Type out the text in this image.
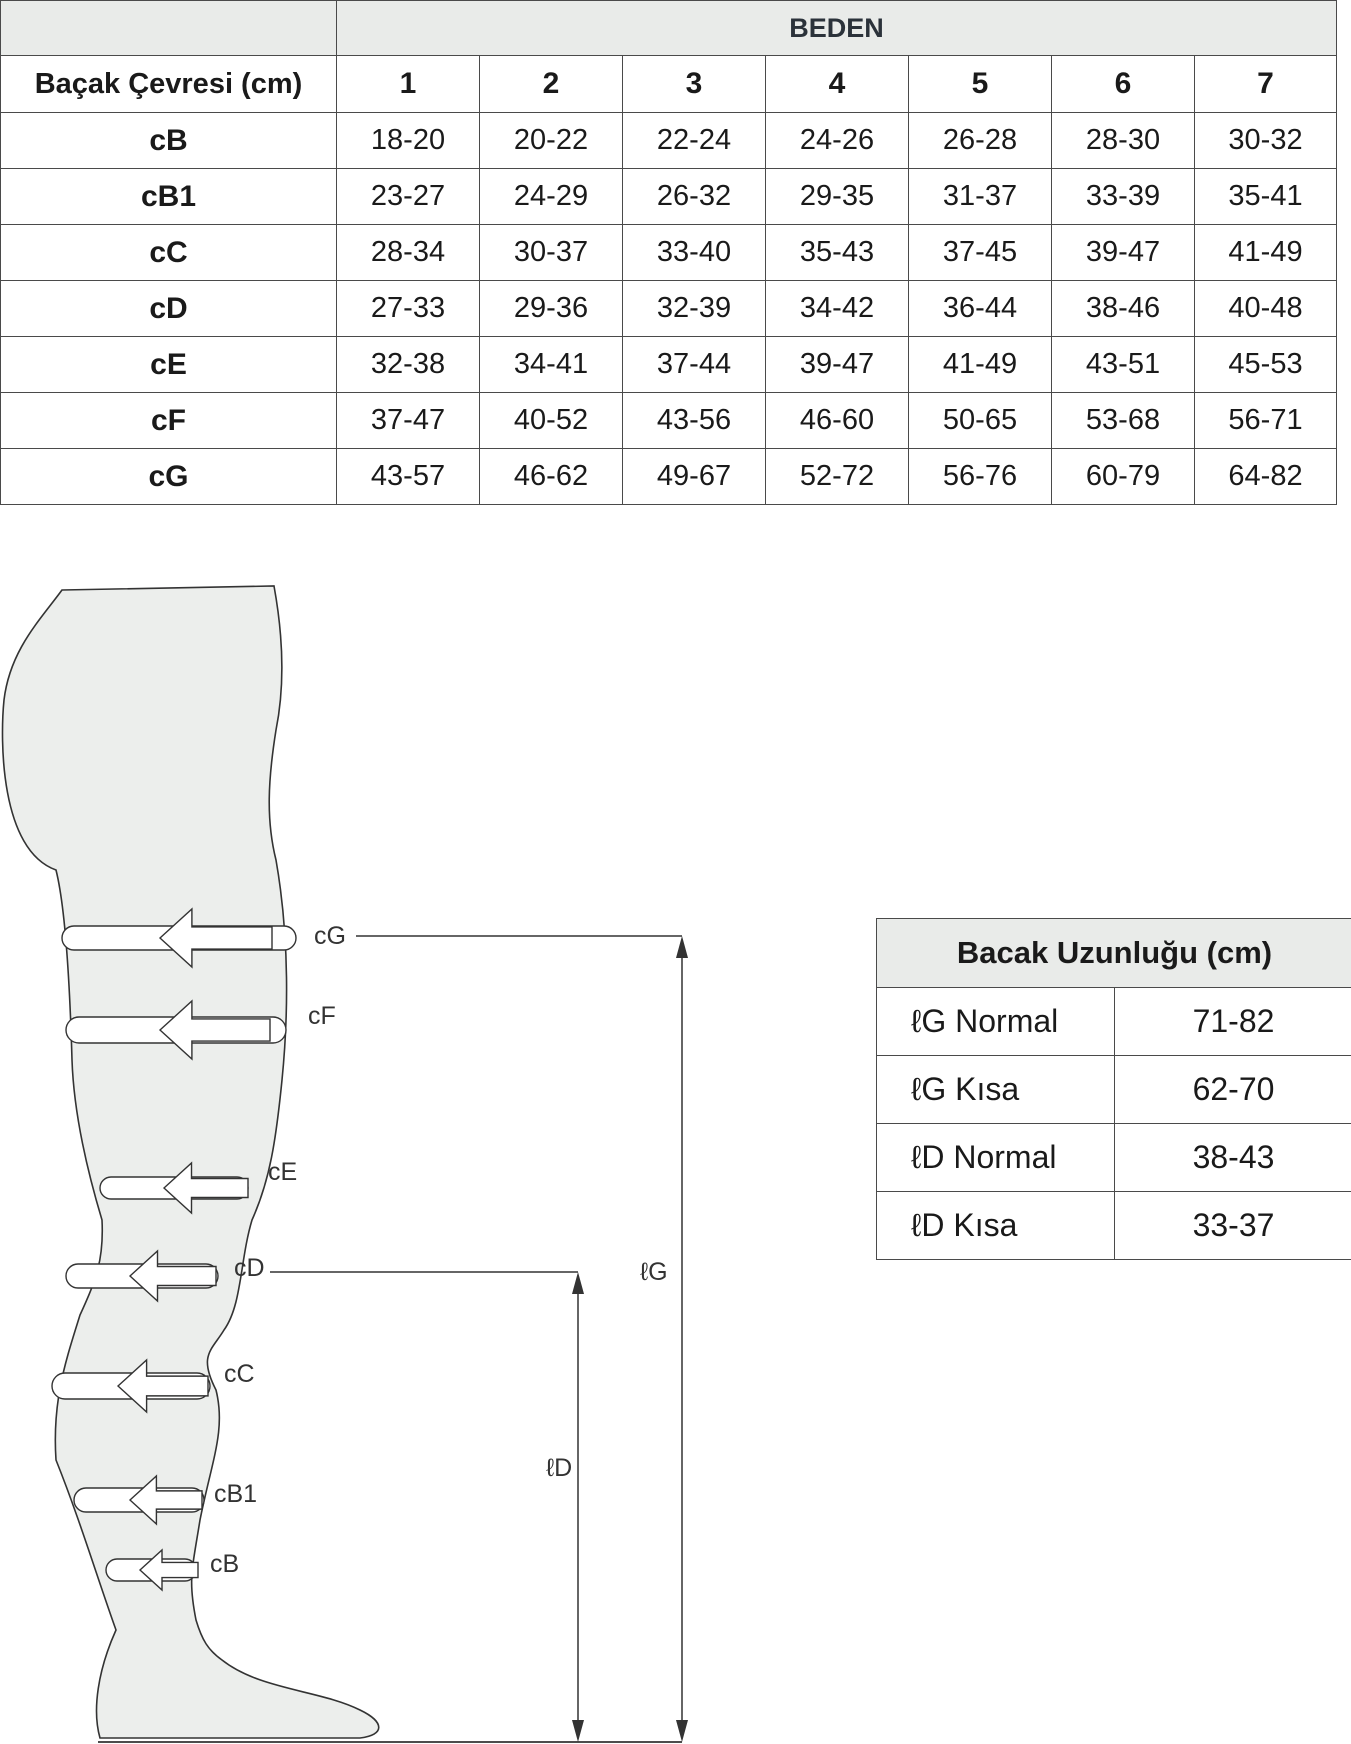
	BEDEN						
Baçak Çevresi (cm)	1	2	3	4	5	6	7
cB	18-20	20-22	22-24	24-26	26-28	28-30	30-32
cB1	23-27	24-29	26-32	29-35	31-37	33-39	35-41
cC	28-34	30-37	33-40	35-43	37-45	39-47	41-49
cD	27-33	29-36	32-39	34-42	36-44	38-46	40-48
cE	32-38	34-41	37-44	39-47	41-49	43-51	45-53
cF	37-47	40-52	43-56	46-60	50-65	53-68	56-71
cG	43-57	46-62	49-67	52-72	56-76	60-79	64-82
cG
cF
cE
cD
cC
cB1
cB
ℓG
ℓD
Bacak Uzunluğu (cm)	
ℓG Normal	71-82
ℓG Kısa	62-70
ℓD Normal	38-43
ℓD Kısa	33-37
